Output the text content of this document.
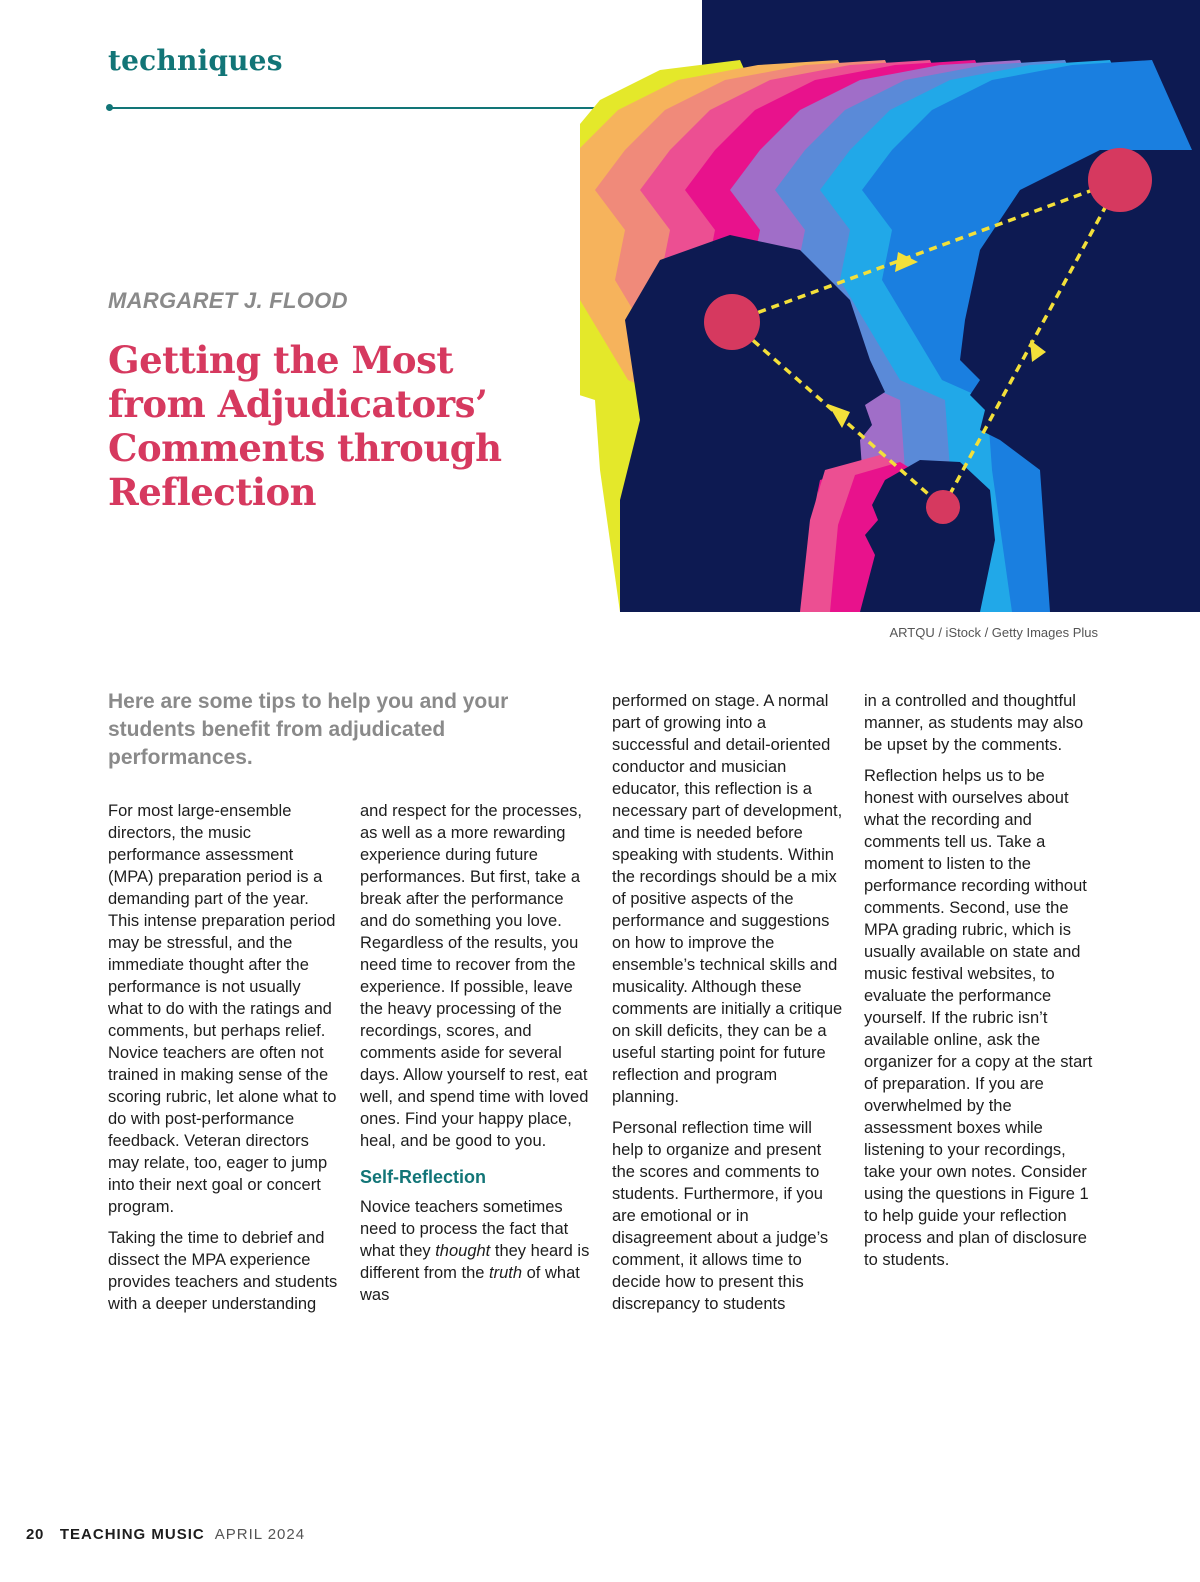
techniques
MARGARET J. FLOOD
Getting the Most from Adjudicators’ Comments through Reflection
ARTQU / iStock / Getty Images Plus
Here are some tips to help you and your students benefit from adjudicated performances.

For most large-ensemble directors, the music performance assessment (MPA) preparation period is a demanding part of the year. This intense preparation period may be stressful, and the immediate thought after the performance is not usually what to do with the ratings and comments, but perhaps relief. Novice teachers are often not trained in making sense of the scoring rubric, let alone what to do with post-performance feedback. Veteran directors may relate, too, eager to jump into their next goal or concert program.

Taking the time to debrief and dissect the MPA experience provides teachers and students with a deeper understanding

and respect for the processes, as well as a more rewarding experience during future performances. But first, take a break after the performance and do something you love. Regardless of the results, you need time to recover from the experience. If possible, leave the heavy processing of the recordings, scores, and comments aside for several days. Allow yourself to rest, eat well, and spend time with loved ones. Find your happy place, heal, and be good to you.

Self-Reflection

Novice teachers sometimes need to process the fact that what they thought they heard is different from the truth of what was

performed on stage. A normal part of growing into a successful and detail-oriented conductor and musician educator, this reflection is a necessary part of development, and time is needed before speaking with students. Within the recordings should be a mix of positive aspects of the performance and suggestions on how to improve the ensemble’s technical skills and musicality. Although these comments are initially a critique on skill deficits, they can be a useful starting point for future reflection and program planning.

Personal reflection time will help to organize and present the scores and comments to students. Furthermore, if you are emotional or in disagreement about a judge’s comment, it allows time to decide how to present this discrepancy to students

in a controlled and thoughtful manner, as students may also be upset by the comments.

Reflection helps us to be honest with ourselves about what the recording and comments tell us. Take a moment to listen to the performance recording without comments. Second, use the MPA grading rubric, which is usually available on state and music festival websites, to evaluate the performance yourself. If the rubric isn’t available online, ask the organizer for a copy at the start of preparation. If you are overwhelmed by the assessment boxes while listening to your recordings, take your own notes. Consider using the questions in Figure 1 to help guide your reflection process and plan of disclosure to students.

20 TEACHING MUSIC APRIL 2024
